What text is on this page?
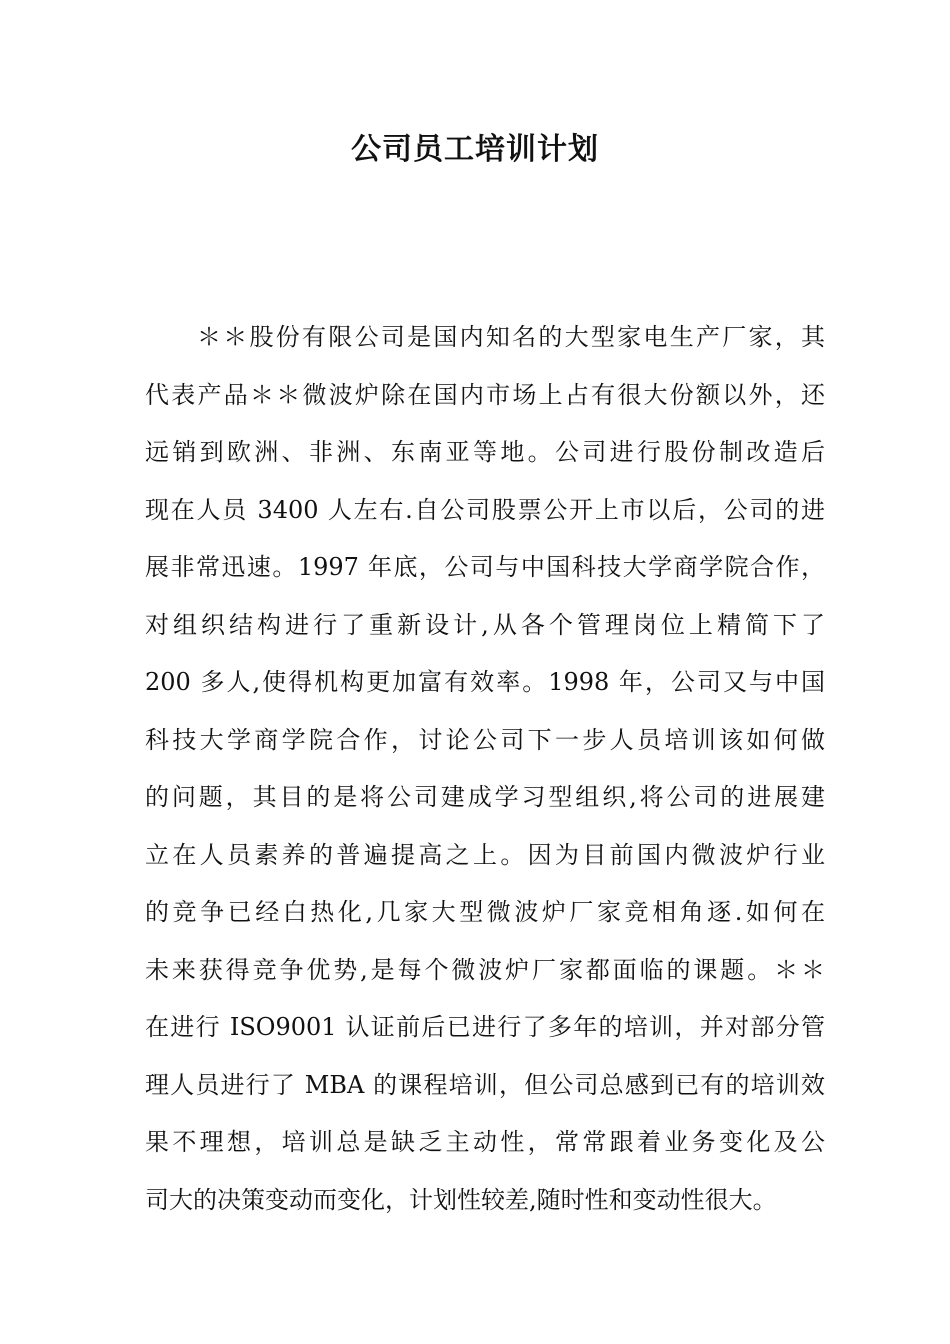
公司员工培训计划
＊＊股份有限公司是国内知名的大型家电生产厂家，其
代表产品＊＊微波炉除在国内市场上占有很大份额以外，还
远销到欧洲、非洲、东南亚等地。公司进行股份制改造后
现在人员 3400 人左右.自公司股票公开上市以后，公司的进
展非常迅速。1997 年底，公司与中国科技大学商学院合作，
对组织结构进行了重新设计,从各个管理岗位上精简下了
200 多人,使得机构更加富有效率。1998 年，公司又与中国
科技大学商学院合作，讨论公司下一步人员培训该如何做
的问题，其目的是将公司建成学习型组织,将公司的进展建
立在人员素养的普遍提高之上。因为目前国内微波炉行业
的竞争已经白热化,几家大型微波炉厂家竞相角逐.如何在
未来获得竞争优势,是每个微波炉厂家都面临的课题。＊＊
在进行 ISO9001 认证前后已进行了多年的培训，并对部分管
理人员进行了 MBA 的课程培训，但公司总感到已有的培训效
果不理想，培训总是缺乏主动性，常常跟着业务变化及公
司大的决策变动而变化，计划性较差,随时性和变动性很大。
